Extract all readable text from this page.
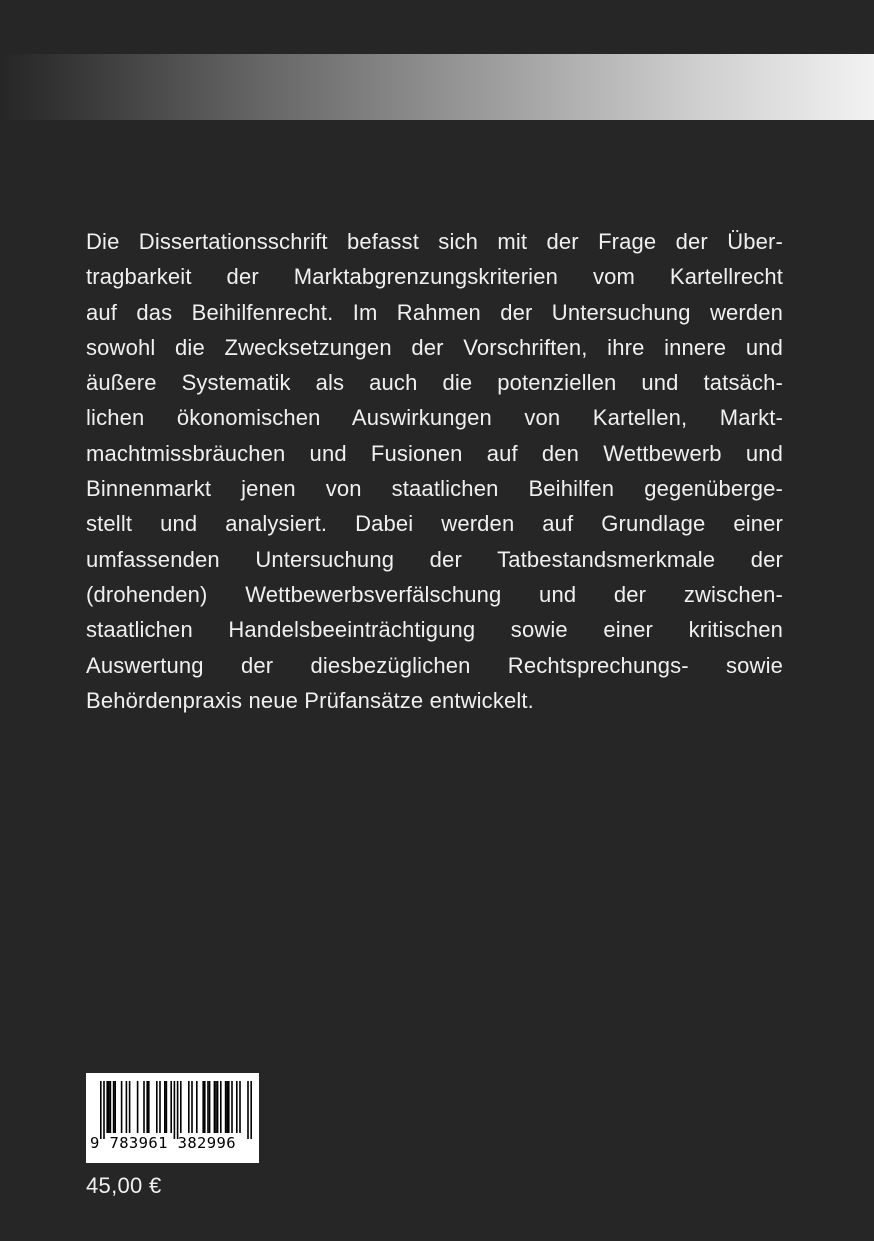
Die Dissertationsschrift befasst sich mit der Frage der Über-
tragbarkeit der Marktabgrenzungskriterien vom Kartellrecht
auf das Beihilfenrecht. Im Rahmen der Untersuchung werden
sowohl die Zwecksetzungen der Vorschriften, ihre innere und
äußere Systematik als auch die potenziellen und tatsäch-
lichen ökonomischen Auswirkungen von Kartellen, Markt-
machtmissbräuchen und Fusionen auf den Wettbewerb und
Binnenmarkt jenen von staatlichen Beihilfen gegenüberge-
stellt und analysiert. Dabei werden auf Grundlage einer
umfassenden Untersuchung der Tatbestandsmerkmale der
(drohenden) Wettbewerbsverfälschung und der zwischen-
staatlichen Handelsbeeinträchtigung sowie einer kritischen
Auswertung der diesbezüglichen Rechtsprechungs- sowie
Behördenpraxis neue Prüfansätze entwickelt.
9 783961 382996
45,00 €
